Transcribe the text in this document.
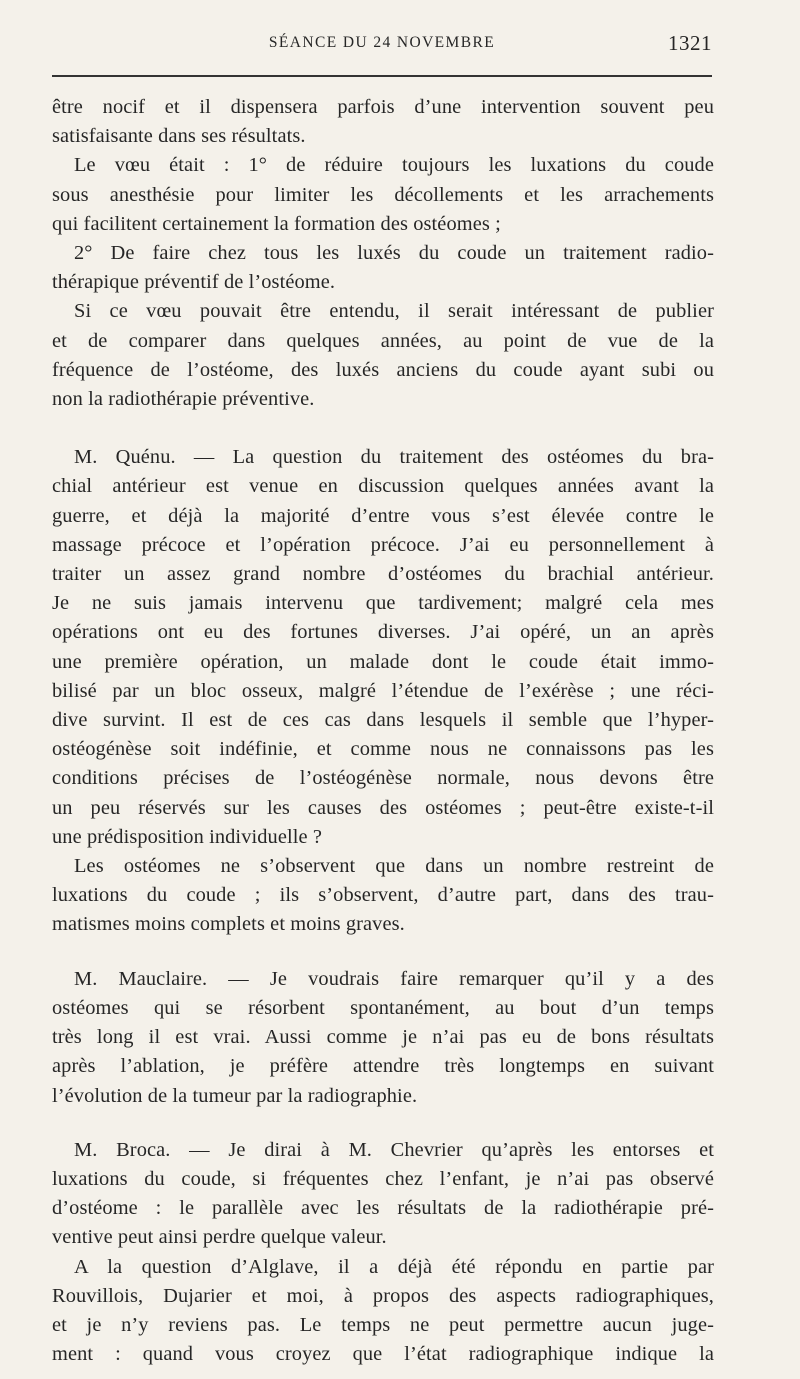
SÉANCE DU 24 NOVEMBRE	1321
être nocif et il dispensera parfois d’une intervention souvent peu
satisfaisante dans ses résultats.
Le vœu était : 1° de réduire toujours les luxations du coude
sous anesthésie pour limiter les décollements et les arrachements
qui facilitent certainement la formation des ostéomes ;
2° De faire chez tous les luxés du coude un traitement radio-
thérapique préventif de l’ostéome.
Si ce vœu pouvait être entendu, il serait intéressant de publier
et de comparer dans quelques années, au point de vue de la
fréquence de l’ostéome, des luxés anciens du coude ayant subi ou
non la radiothérapie préventive.
M. Quénu. — La question du traitement des ostéomes du bra-
chial antérieur est venue en discussion quelques années avant la
guerre, et déjà la majorité d’entre vous s’est élevée contre le
massage précoce et l’opération précoce. J’ai eu personnellement à
traiter un assez grand nombre d’ostéomes du brachial antérieur.
Je ne suis jamais intervenu que tardivement; malgré cela mes
opérations ont eu des fortunes diverses. J’ai opéré, un an après
une première opération, un malade dont le coude était immo-
bilisé par un bloc osseux, malgré l’étendue de l’exérèse ; une réci-
dive survint. Il est de ces cas dans lesquels il semble que l’hyper-
ostéogénèse soit indéfinie, et comme nous ne connaissons pas les
conditions précises de l’ostéogénèse normale, nous devons être
un peu réservés sur les causes des ostéomes ; peut-être existe-t-il
une prédisposition individuelle ?
Les ostéomes ne s’observent que dans un nombre restreint de
luxations du coude ; ils s’observent, d’autre part, dans des trau-
matismes moins complets et moins graves.
M. Mauclaire. — Je voudrais faire remarquer qu’il y a des
ostéomes qui se résorbent spontanément, au bout d’un temps
très long il est vrai. Aussi comme je n’ai pas eu de bons résultats
après l’ablation, je préfère attendre très longtemps en suivant
l’évolution de la tumeur par la radiographie.
M. Broca. — Je dirai à M. Chevrier qu’après les entorses et
luxations du coude, si fréquentes chez l’enfant, je n’ai pas observé
d’ostéome : le parallèle avec les résultats de la radiothérapie pré-
ventive peut ainsi perdre quelque valeur.
A la question d’Alglave, il a déjà été répondu en partie par
Rouvillois, Dujarier et moi, à propos des aspects radiographiques,
et je n’y reviens pas. Le temps ne peut permettre aucun juge-
ment : quand vous croyez que l’état radiographique indique la
